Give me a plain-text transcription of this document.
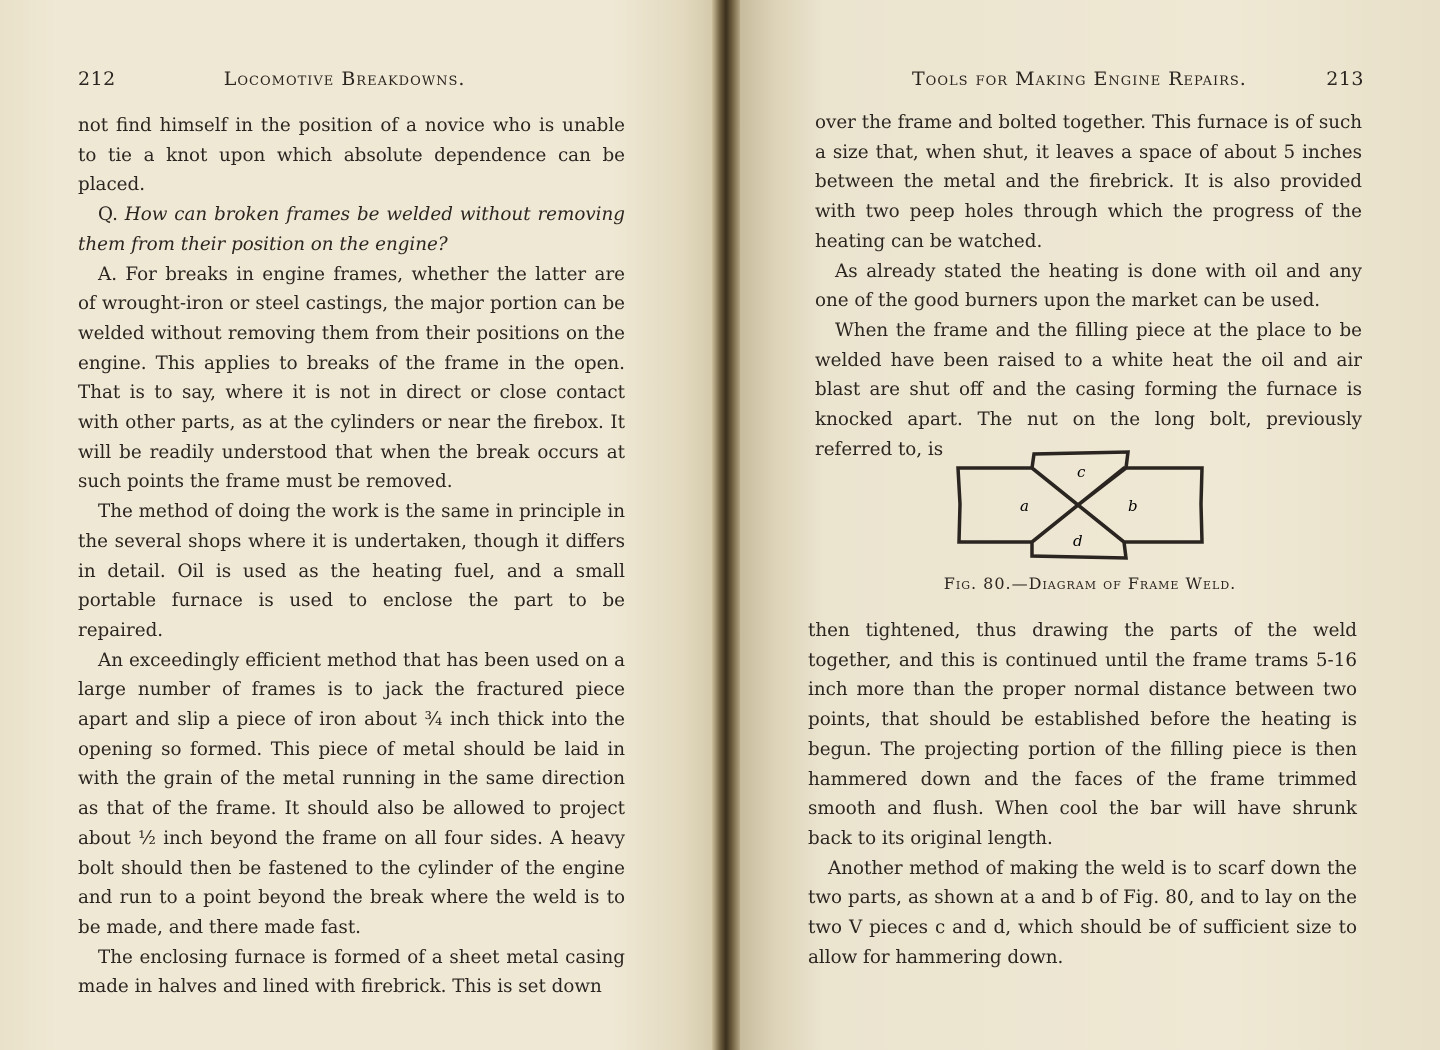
212	Locomotive Breakdowns.

not find himself in the position of a novice who is unable to tie a knot upon which absolute dependence can be placed.

Q. How can broken frames be welded without removing them from their position on the engine?

A. For breaks in engine frames, whether the latter are of wrought-iron or steel castings, the major portion can be welded without removing them from their positions on the engine. This applies to breaks of the frame in the open. That is to say, where it is not in direct or close contact with other parts, as at the cylinders or near the firebox. It will be readily understood that when the break occurs at such points the frame must be removed.

The method of doing the work is the same in principle in the several shops where it is undertaken, though it differs in detail. Oil is used as the heating fuel, and a small portable furnace is used to enclose the part to be repaired.

An exceedingly efficient method that has been used on a large number of frames is to jack the fractured piece apart and slip a piece of iron about ¾ inch thick into the opening so formed. This piece of metal should be laid in with the grain of the metal running in the same direction as that of the frame. It should also be allowed to project about ½ inch beyond the frame on all four sides. A heavy bolt should then be fastened to the cylinder of the engine and run to a point beyond the break where the weld is to be made, and there made fast.

The enclosing furnace is formed of a sheet metal casing made in halves and lined with firebrick. This is set down

Tools for Making Engine Repairs.	213

over the frame and bolted together. This furnace is of such a size that, when shut, it leaves a space of about 5 inches between the metal and the firebrick. It is also provided with two peep holes through which the progress of the heating can be watched.

As already stated the heating is done with oil and any one of the good burners upon the market can be used.

When the frame and the filling piece at the place to be welded have been raised to a white heat the oil and air blast are shut off and the casing forming the furnace is knocked apart. The nut on the long bolt, previously referred to, is

a	b
c
d
Fig. 80.—Diagram of Frame Weld.

then tightened, thus drawing the parts of the weld together, and this is continued until the frame trams 5-16 inch more than the proper normal distance between two points, that should be established before the heating is begun. The projecting portion of the filling piece is then hammered down and the faces of the frame trimmed smooth and flush. When cool the bar will have shrunk back to its original length.

Another method of making the weld is to scarf down the two parts, as shown at a and b of Fig. 80, and to lay on the two V pieces c and d, which should be of sufficient size to allow for hammering down.
